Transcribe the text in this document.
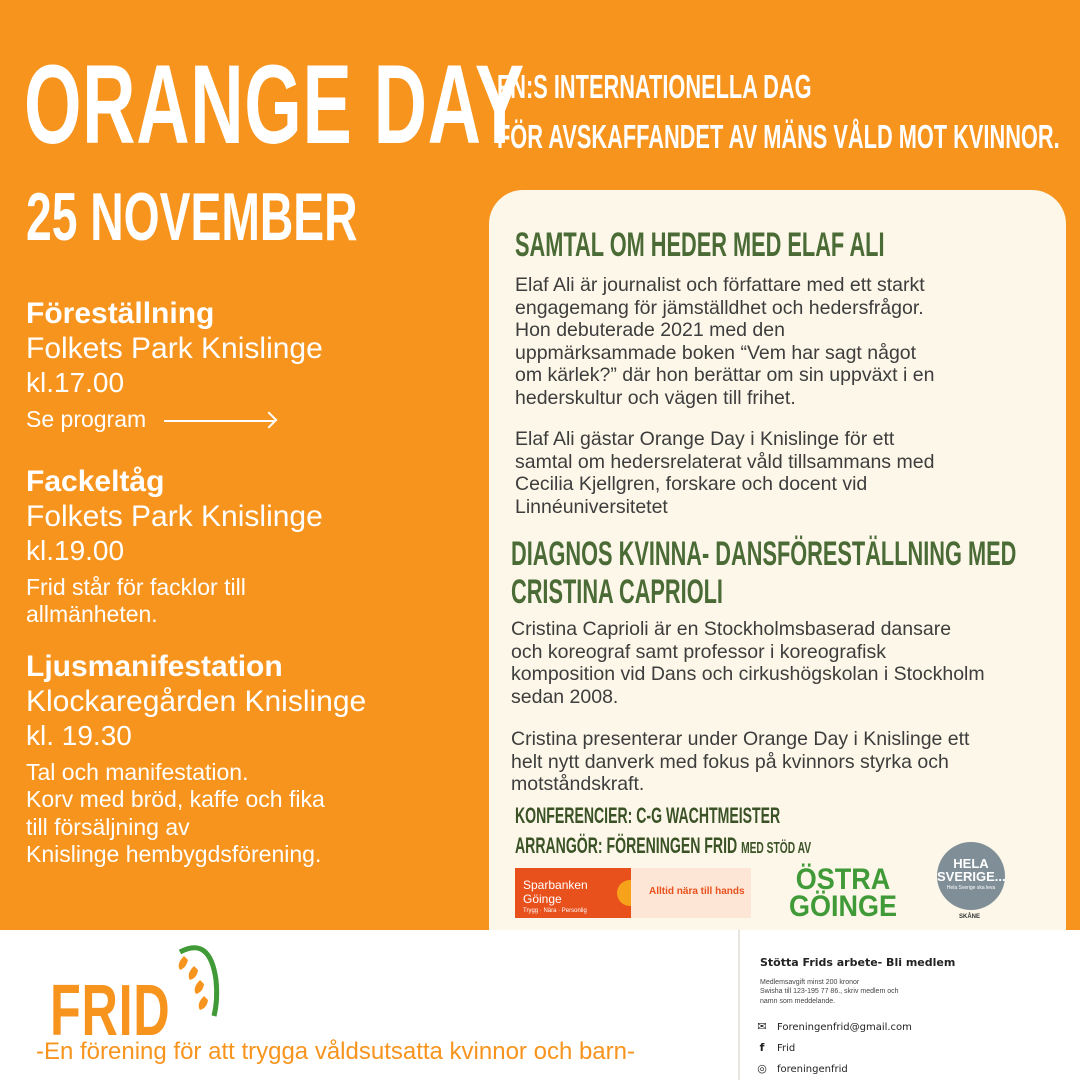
ORANGE DAY
25 NOVEMBER
FN:S INTERNATIONELLA DAG
FÖR AVSKAFFANDET AV MÄNS VÅLD MOT KVINNOR.
Föreställning
Folkets Park Knislinge
kl.17.00
Se program
Fackeltåg
Folkets Park Knislinge
kl.19.00
Frid står för facklor till
allmänheten.
Ljusmanifestation
Klockaregården Knislinge
kl. 19.30
Tal och manifestation.
Korv med bröd, kaffe och fika
till försäljning av
Knislinge hembygdsförening.
SAMTAL OM HEDER MED ELAF ALI
Elaf Ali är journalist och författare med ett starkt
engagemang för jämställdhet och hedersfrågor.
Hon debuterade 2021 med den
uppmärksammade boken “Vem har sagt något
om kärlek?” där hon berättar om sin uppväxt i en
hederskultur och vägen till frihet.
Elaf Ali gästar Orange Day i Knislinge för ett
samtal om hedersrelaterat våld tillsammans med
Cecilia Kjellgren, forskare och docent vid
Linnéuniversitetet
DIAGNOS KVINNA- DANSFÖRESTÄLLNING MED
CRISTINA CAPRIOLI
Cristina Caprioli är en Stockholmsbaserad dansare
och koreograf samt professor i koreografisk
komposition vid Dans och cirkushögskolan i Stockholm
sedan 2008.
Cristina presenterar under Orange Day i Knislinge ett
helt nytt danverk med fokus på kvinnors styrka och
motståndskraft.
KONFERENCIER: C-G WACHTMEISTER
ARRANGÖR: FÖRENINGEN FRID MED STÖD AV
Sparbanken Göinge
Trygg · Nära · Personlig
Alltid nära till hands ÖSTRA
GÖINGE
HELA
SVERIGE...
Hela Sverige ska leva
SKÅNE
FRID
-En förening för att trygga våldsutsatta kvinnor och barn-
Stötta Frids arbete- Bli medlem
Medlemsavgift minst 200 kronor
Swisha till 123-195 77 86., skriv medlem och
namn som meddelande.
✉ Foreningenfrid@gmail.com
f Frid
◎ foreningenfrid
